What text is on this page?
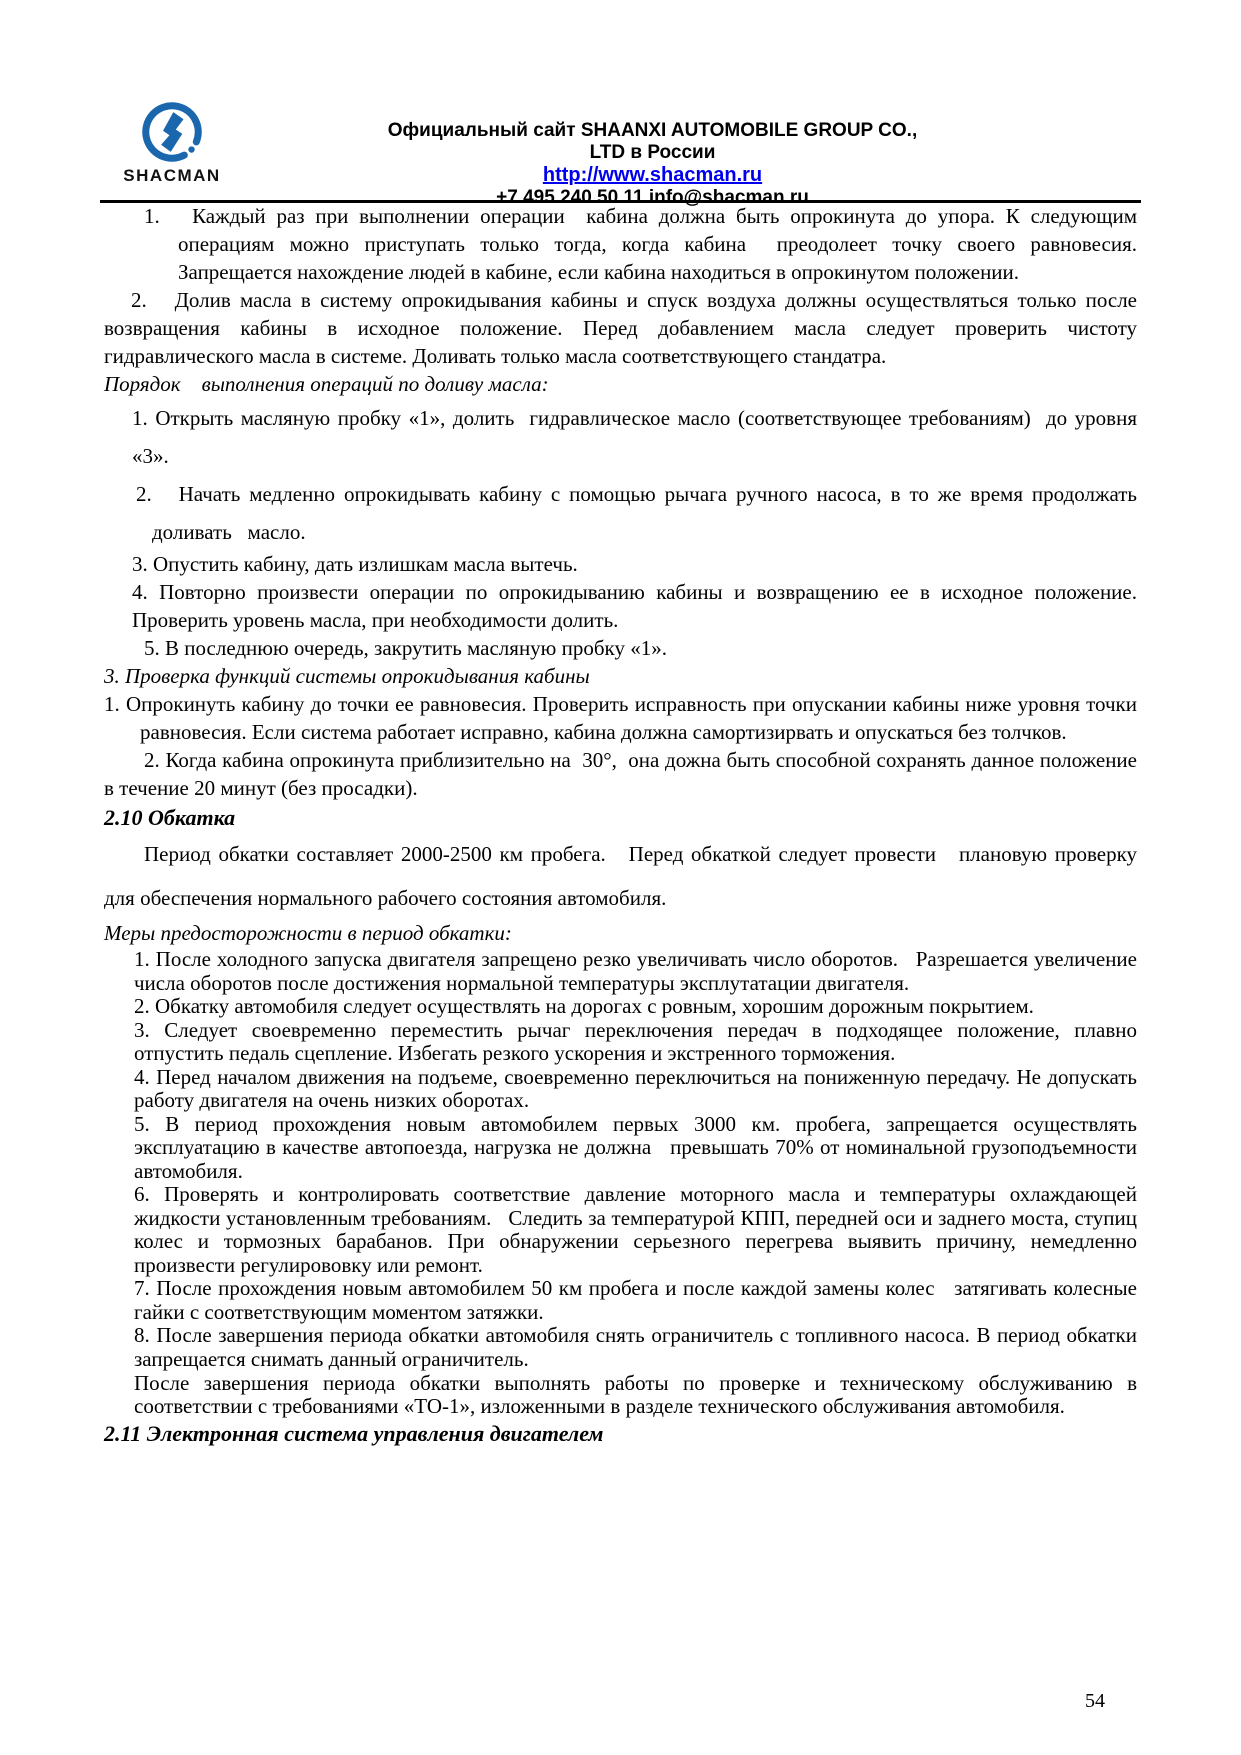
SHACMAN
Официальный сайт SHAANXI AUTOMOBILE GROUP CO.,
LTD в России
http://www.shacman.ru
+7 495 240 50 11 info@shacman.ru

1.   Каждый раз при выполнении операции  кабина должна быть опрокинута до упора. К следующим операциям можно приступать только тогда, когда кабина  преодолеет точку своего равновесия. Запрещается нахождение людей в кабине, если кабина находиться в опрокинутом положении.

2.   Долив масла в систему опрокидывания кабины и спуск воздуха должны осуществляться только после возвращения кабины в исходное положение. Перед добавлением масла следует проверить чистоту гидравлического масла в системе. Доливать только масла соответствующего стандатра.

Порядок    выполнения операций по доливу масла:

1. Открыть масляную пробку «1», долить  гидравлическое масло (соответствующее требованиям)  до уровня «3».

2.   Начать медленно опрокидывать кабину с помощью рычага ручного насоса, в то же время продолжать доливать   масло.

3. Опустить кабину, дать излишкам масла вытечь.

4. Повторно произвести операции по опрокидыванию кабины и возвращению ее в исходное положение. Проверить уровень масла, при необходимости долить.

5. В последнюю очередь, закрутить масляную пробку «1».

3. Проверка функций системы опрокидывания кабины

1. Опрокинуть кабину до точки ее равновесия. Проверить исправность при опускании кабины ниже уровня точки равновесия. Если система работает исправно, кабина должна самортизирвать и опускаться без толчков.

2. Когда кабина опрокинута приблизительно на  30°,  она дожна быть способной сохранять данное положение в течение 20 минут (без просадки).

2.10 Обкатка

Период обкатки составляет 2000-2500 км пробега.   Перед обкаткой следует провести   плановую проверку для обеспечения нормального рабочего состояния автомобиля.

Меры предосторожности в период обкатки:

1. После холодного запуска двигателя запрещено резко увеличивать число оборотов.   Разрешается увеличение числа оборотов после достижения нормальной температуры эксплутатации двигателя.

2. Обкатку автомобиля следует осуществлять на дорогах с ровным, хорошим дорожным покрытием.

3. Следует своевременно переместить рычаг переключения передач в подходящее положение, плавно отпустить педаль сцепление. Избегать резкого ускорения и экстренного торможения.

4. Перед началом движения на подъеме, своевременно переключиться на пониженную передачу. Не допускать работу двигателя на очень низких оборотах.

5. В период прохождения новым автомобилем первых 3000 км. пробега, запрещается осуществлять эксплуатацию в качестве автопоезда, нагрузка не должна   превышать 70% от номинальной грузоподъемности автомобиля.

6. Проверять и контролировать соответствие давление моторного масла и температуры охлаждающей жидкости установленным требованиям.   Следить за температурой КПП, передней оси и заднего моста, ступиц колес и тормозных барабанов. При обнаружении серьезного перегрева выявить причину, немедленно произвести регулирововку или ремонт.

7. После прохождения новым автомобилем 50 км пробега и после каждой замены колес   затягивать колесные гайки с соответствующим моментом затяжки.

8. После завершения периода обкатки автомобиля снять ограничитель с топливного насоса. В период обкатки запрещается снимать данный ограничитель.

После завершения периода обкатки выполнять работы по проверке и техническому обслуживанию в соответствии с требованиями «ТО-1», изложенными в разделе технического обслуживания автомобиля.

2.11 Электронная система управления двигателем

54
